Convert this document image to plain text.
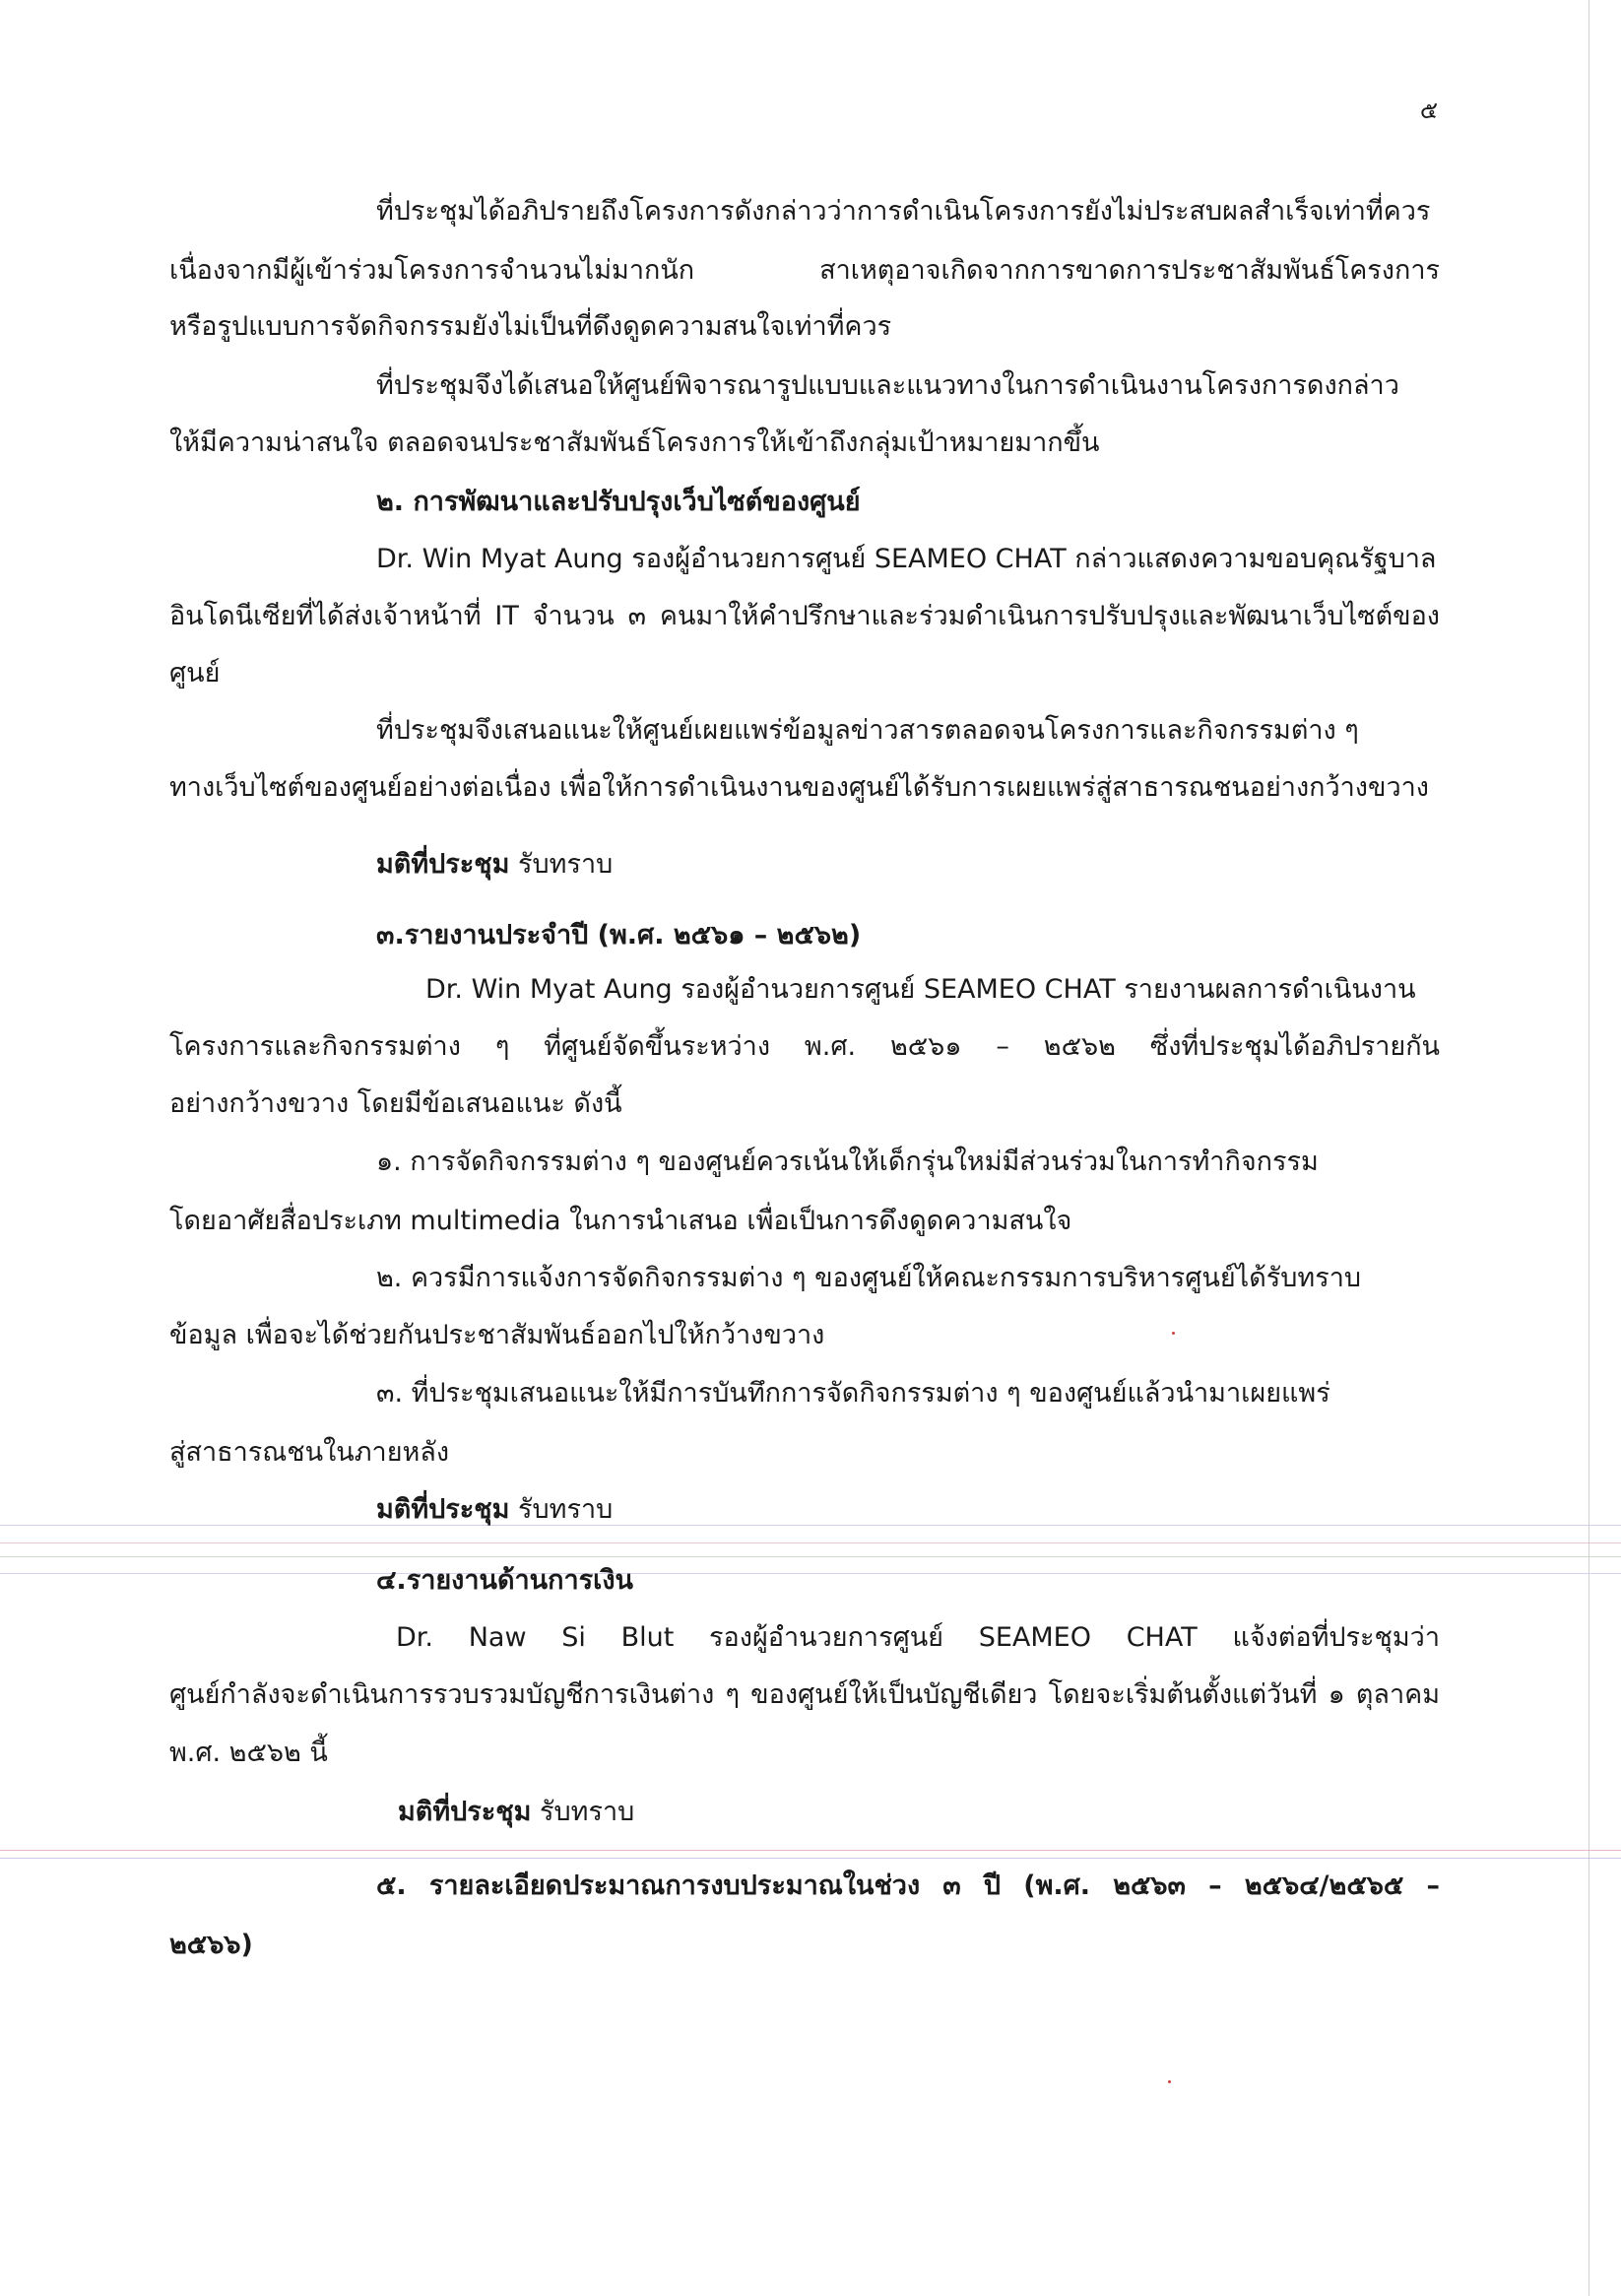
๕
ที่ประชุมได้อภิปรายถึงโครงการดังกล่าวว่าการดำเนินโครงการยังไม่ประสบผลสำเร็จเท่าที่ควร
เนื่องจากมีผู้เข้าร่วมโครงการจำนวนไม่มากนัก สาเหตุอาจเกิดจากการขาดการประชาสัมพันธ์โครงการ
หรือรูปแบบการจัดกิจกรรมยังไม่เป็นที่ดึงดูดความสนใจเท่าที่ควร
ที่ประชุมจึงได้เสนอให้ศูนย์พิจารณารูปแบบและแนวทางในการดำเนินงานโครงการดงกล่าว
ให้มีความน่าสนใจ ตลอดจนประชาสัมพันธ์โครงการให้เข้าถึงกลุ่มเป้าหมายมากขึ้น
๒. การพัฒนาและปรับปรุงเว็บไซต์ของศูนย์
Dr. Win Myat Aung รองผู้อำนวยการศูนย์ SEAMEO CHAT กล่าวแสดงความขอบคุณรัฐบาล
อินโดนีเซียที่ได้ส่งเจ้าหน้าที่ IT จำนวน ๓ คนมาให้คำปรึกษาและร่วมดำเนินการปรับปรุงและพัฒนาเว็บไซต์ของ
ศูนย์
ที่ประชุมจึงเสนอแนะให้ศูนย์เผยแพร่ข้อมูลข่าวสารตลอดจนโครงการและกิจกรรมต่าง ๆ
ทางเว็บไซต์ของศูนย์อย่างต่อเนื่อง เพื่อให้การดำเนินงานของศูนย์ได้รับการเผยแพร่สู่สาธารณชนอย่างกว้างขวาง
มติที่ประชุม รับทราบ
๓.รายงานประจำปี (พ.ศ. ๒๕๖๑ – ๒๕๖๒)
Dr. Win Myat Aung รองผู้อำนวยการศูนย์ SEAMEO CHAT รายงานผลการดำเนินงาน
โครงการและกิจกรรมต่าง ๆ ที่ศูนย์จัดขึ้นระหว่าง พ.ศ. ๒๕๖๑ – ๒๕๖๒ ซึ่งที่ประชุมได้อภิปรายกัน
อย่างกว้างขวาง โดยมีข้อเสนอแนะ ดังนี้
๑. การจัดกิจกรรมต่าง ๆ ของศูนย์ควรเน้นให้เด็กรุ่นใหม่มีส่วนร่วมในการทำกิจกรรม
โดยอาศัยสื่อประเภท multimedia ในการนำเสนอ เพื่อเป็นการดึงดูดความสนใจ
๒. ควรมีการแจ้งการจัดกิจกรรมต่าง ๆ ของศูนย์ให้คณะกรรมการบริหารศูนย์ได้รับทราบ
ข้อมูล เพื่อจะได้ช่วยกันประชาสัมพันธ์ออกไปให้กว้างขวาง
๓. ที่ประชุมเสนอแนะให้มีการบันทึกการจัดกิจกรรมต่าง ๆ ของศูนย์แล้วนำมาเผยแพร่
สู่สาธารณชนในภายหลัง
มติที่ประชุม รับทราบ
๔.รายงานด้านการเงิน
Dr. Naw Si Blut รองผู้อำนวยการศูนย์ SEAMEO CHAT แจ้งต่อที่ประชุมว่า
ศูนย์กำลังจะดำเนินการรวบรวมบัญชีการเงินต่าง ๆ ของศูนย์ให้เป็นบัญชีเดียว โดยจะเริ่มต้นตั้งแต่วันที่ ๑ ตุลาคม
พ.ศ. ๒๕๖๒ นี้
มติที่ประชุม รับทราบ
๕. รายละเอียดประมาณการงบประมาณในช่วง ๓ ปี (พ.ศ. ๒๕๖๓ – ๒๕๖๔/๒๕๖๕ –
๒๕๖๖)
